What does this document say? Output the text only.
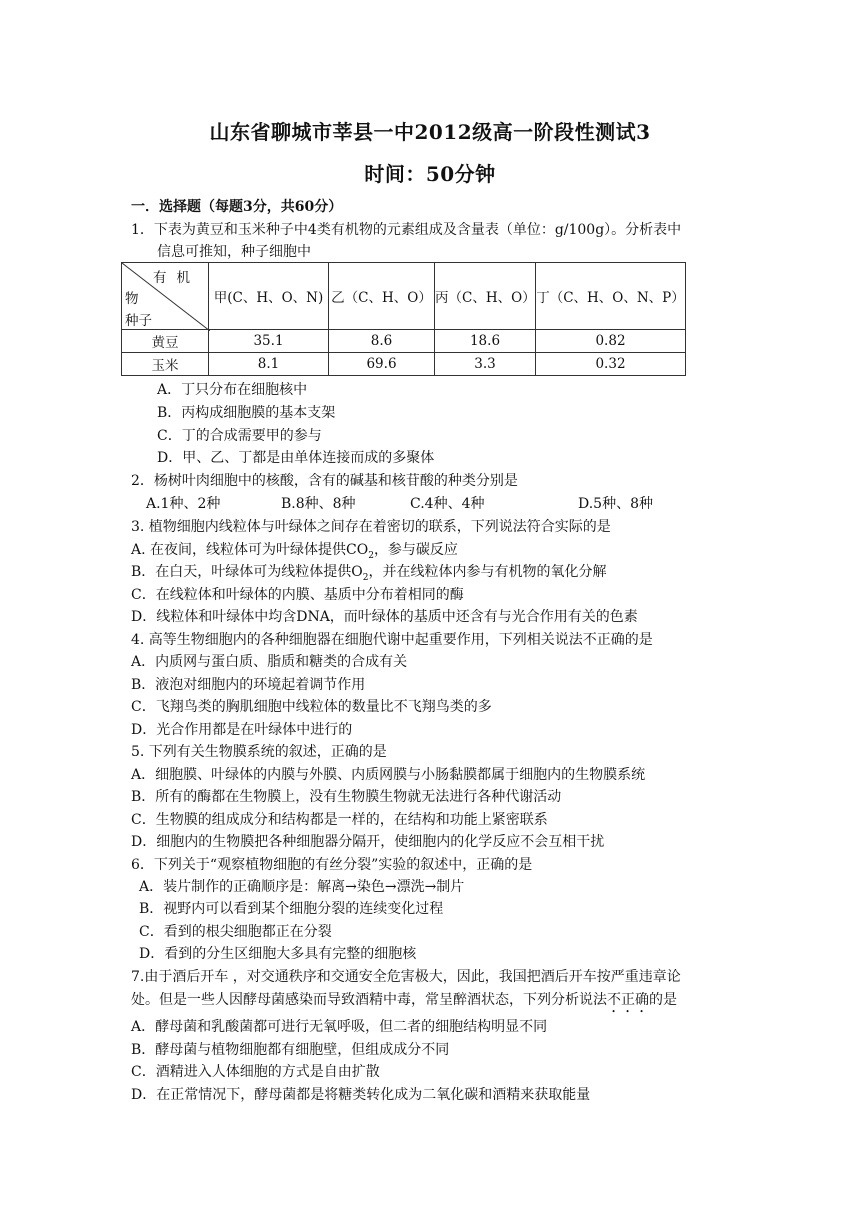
山东省聊城市莘县一中2012级高一阶段性测试3
时间：50分钟
一．选择题（每题3分，共60分）
1．下表为黄豆和玉米种子中4类有机物的元素组成及含量表（单位：g/100g）。分析表中
信息可推知，种子细胞中
有机
物
种子	甲(C、H、O、N)	乙（C、H、O）	丙（C、H、O）	丁（C、H、O、N、P）
黄豆	35.1	8.6	18.6	0.82
玉米	8.1	69.6	3.3	0.32
A．丁只分布在细胞核中
B．丙构成细胞膜的基本支架
C．丁的合成需要甲的参与
D．甲、乙、丁都是由单体连接而成的多聚体
2．杨树叶肉细胞中的核酸，含有的碱基和核苷酸的种类分别是
A.1种、2种	B.8种、8种	C.4种、4种	D.5种、8种
3. 植物细胞内线粒体与叶绿体之间存在着密切的联系，下列说法符合实际的是
A. 在夜间，线粒体可为叶绿体提供$CO_2$，参与碳反应
B．在白天，叶绿体可为线粒体提供$O_2$，并在线粒体内参与有机物的氧化分解
C．在线粒体和叶绿体的内膜、基质中分布着相同的酶
D．线粒体和叶绿体中均含DNA，而叶绿体的基质中还含有与光合作用有关的色素
4. 高等生物细胞内的各种细胞器在细胞代谢中起重要作用，下列相关说法不正确的是
A．内质网与蛋白质、脂质和糖类的合成有关
B．液泡对细胞内的环境起着调节作用
C．飞翔鸟类的胸肌细胞中线粒体的数量比不飞翔鸟类的多
D．光合作用都是在叶绿体中进行的
5. 下列有关生物膜系统的叙述，正确的是
A．细胞膜、叶绿体的内膜与外膜、内质网膜与小肠黏膜都属于细胞内的生物膜系统
B．所有的酶都在生物膜上，没有生物膜生物就无法进行各种代谢活动
C．生物膜的组成成分和结构都是一样的，在结构和功能上紧密联系
D．细胞内的生物膜把各种细胞器分隔开，使细胞内的化学反应不会互相干扰
6．下列关于“观察植物细胞的有丝分裂”实验的叙述中，正确的是
A．装片制作的正确顺序是：解离→染色→漂洗→制片
B．视野内可以看到某个细胞分裂的连续变化过程
C．看到的根尖细胞都正在分裂
D．看到的分生区细胞大多具有完整的细胞核
7.由于酒后开车 ，对交通秩序和交通安全危害极大，因此，我国把酒后开车按严重违章论
处。但是一些人因酵母菌感染而导致酒精中毒，常呈醉酒状态，下列分析说法不正确的是
A．酵母菌和乳酸菌都可进行无氧呼吸，但二者的细胞结构明显不同
B．酵母菌与植物细胞都有细胞壁，但组成成分不同
C．酒精进入人体细胞的方式是自由扩散
D．在正常情况下，酵母菌都是将糖类转化成为二氧化碳和酒精来获取能量
